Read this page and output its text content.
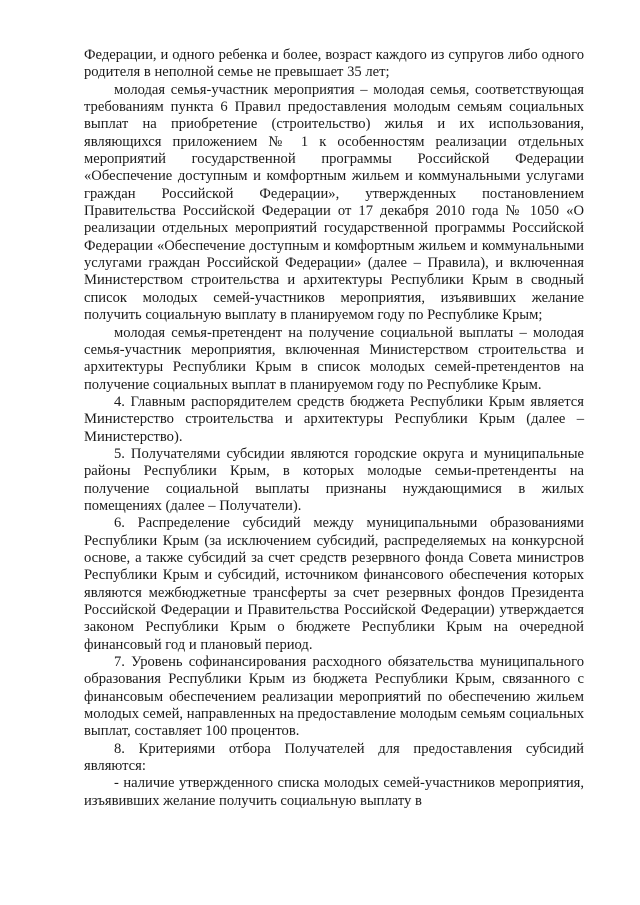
Федерации, и одного ребенка и более, возраст каждого из супругов либо одного родителя в неполной семье не превышает 35 лет;

молодая семья-участник мероприятия – молодая семья, соответствующая требованиям пункта 6 Правил предоставления молодым семьям социальных выплат на приобретение (строительство) жилья и их использования, являющихся приложением № 1 к особенностям реализации отдельных мероприятий государственной программы Российской Федерации «Обеспечение доступным и комфортным жильем и коммунальными услугами граждан Российской Федерации», утвержденных постановлением Правительства Российской Федерации от 17 декабря 2010 года № 1050 «О реализации отдельных мероприятий государственной программы Российской Федерации «Обеспечение доступным и комфортным жильем и коммунальными услугами граждан Российской Федерации» (далее – Правила), и включенная Министерством строительства и архитектуры Республики Крым в сводный список молодых семей-участников мероприятия, изъявивших желание получить социальную выплату в планируемом году по Республике Крым;

молодая семья-претендент на получение социальной выплаты – молодая семья-участник мероприятия, включенная Министерством строительства и архитектуры Республики Крым в список молодых семей-претендентов на получение социальных выплат в планируемом году по Республике Крым.

4. Главным распорядителем средств бюджета Республики Крым является Министерство строительства и архитектуры Республики Крым (далее – Министерство).

5. Получателями субсидии являются городские округа и муниципальные районы Республики Крым, в которых молодые семьи-претенденты на получение социальной выплаты признаны нуждающимися в жилых помещениях (далее – Получатели).

6. Распределение субсидий между муниципальными образованиями Республики Крым (за исключением субсидий, распределяемых на конкурсной основе, а также субсидий за счет средств резервного фонда Совета министров Республики Крым и субсидий, источником финансового обеспечения которых являются межбюджетные трансферты за счет резервных фондов Президента Российской Федерации и Правительства Российской Федерации) утверждается законом Республики Крым о бюджете Республики Крым на очередной финансовый год и плановый период.

7. Уровень софинансирования расходного обязательства муниципального образования Республики Крым из бюджета Республики Крым, связанного с финансовым обеспечением реализации мероприятий по обеспечению жильем молодых семей, направленных на предоставление молодым семьям социальных выплат, составляет 100 процентов.

8. Критериями отбора Получателей для предоставления субсидий являются:

- наличие утвержденного списка молодых семей-участников мероприятия, изъявивших желание получить социальную выплату в
